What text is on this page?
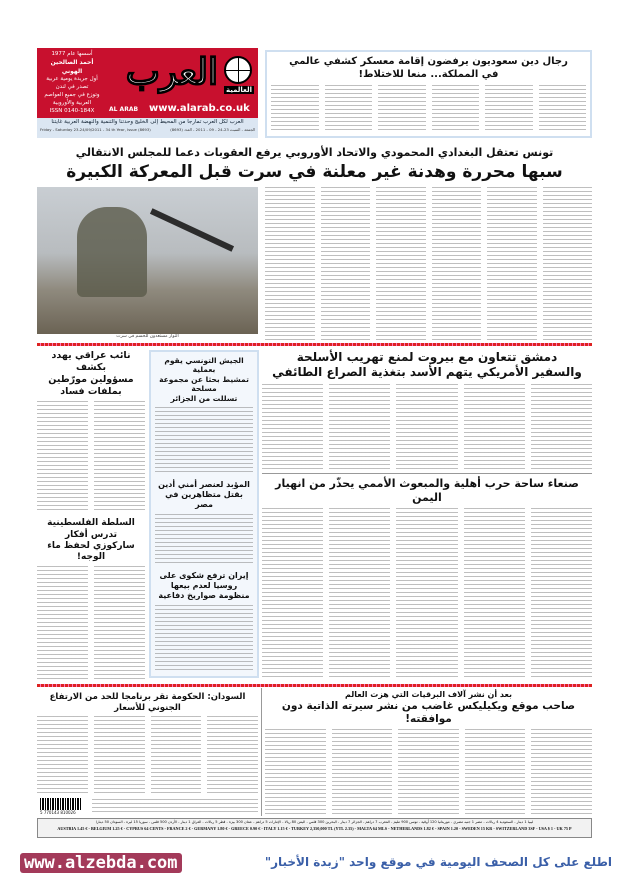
أسسها عام 1977
أحمد الصالحين الهوني
أول جريدة يومية عربية
تصدر في لندن
وتوزع في جميع العواصم
العربية والأوروبية
ISSN 0140-184X
العرب العالمية
AL ARAB www.alarab.co.uk
العرب لكل العرب تمارجا من المحيط إلى الخليج وحدتنا والتنمية والنهضة العربية غايتنا
Friday - Saturday 23-24/09/2011 - 34 th Year, Issue (8693)	الجمعة - السبت 23-24 - 09 - 2011 - العدد (8693)
رجال دين سعوديون يرفضون إقامة معسكر كشفي عالمي
في المملكة... منعا للاختلاط!
تونس تعتقل البغدادي المحمودي والاتحاد الأوروبي يرفع العقوبات دعما للمجلس الانتقالي
سبها محررة وهدنة غير معلنة في سرت قبل المعركة الكبيرة
الثوار مستعدون للحسم في سرت
دمشق تتعاون مع بيروت لمنع تهريب الأسلحة
والسفير الأمريكي يتهم الأسد بتغذية الصراع الطائفي
صنعاء ساحة حرب أهلية والمبعوث الأممي يحذّر من انهيار اليمن
الجيش التونسي يقوم بعملية
تمشيط بحثا عن مجموعة مسلحة
تسللت من الجزائر
المؤبد لعنصر أمني أدين
بقتل متظاهرين في مصر
إيران ترفع شكوى على روسيا لعدم بيعها
منظومة صواريخ دفاعية
نائب عراقي يهدد بكشف
مسؤولين مورّطين بملفات فساد
السلطة الفلسطينية تدرس أفكار
ساركوزي لحفظ ماء الوجه!
بعد أن نشر آلاف البرقيات التي هزت العالم
صاحب موقع ويكيليكس غاضب من نشر سيرته الذاتية دون موافقته!
السودان: الحكومة تقر برنامجا للحد من الارتفاع الجنوني للأسعار
5 770143 810026
ليبيا 1 دينار - السعودية 4 ريالات - مصر 1 جنيه مصري - موريتانيا 120 أوقية - تونس 900 مليم - المغرب 7 دراهم - الجزائر 7 دينار - البحرين 300 فلس - اليمن 80 ريالا - الإمارات 5 دراهم - عمان 300 بيزة - قطر 5 ريالات - العراق 1 دينار - الأردن 500 فلس - سوريا 15 ليرة - السودان 50 دينارا
AUSTRIA 1.45 € - BELGIUM 1.25 € - CYPRUS 64 CENTS - FRANCE 2 € - GERMANY 1.80 € - GREECE 0.90 € - ITALY 1.15 € - TURKEY 2,350,000 TL (YTL 2.35) - MALTA 64 MLS - NETHERLANDS 1.82 € - SPAIN 1.20 - SWEDEN 15 KR - SWITZERLAND 3SF - USA $ 1 - UK 75 P
www.alzebda.com	اطلع على كل الصحف اليومية في موقع واحد "زبدة الأخبار"
